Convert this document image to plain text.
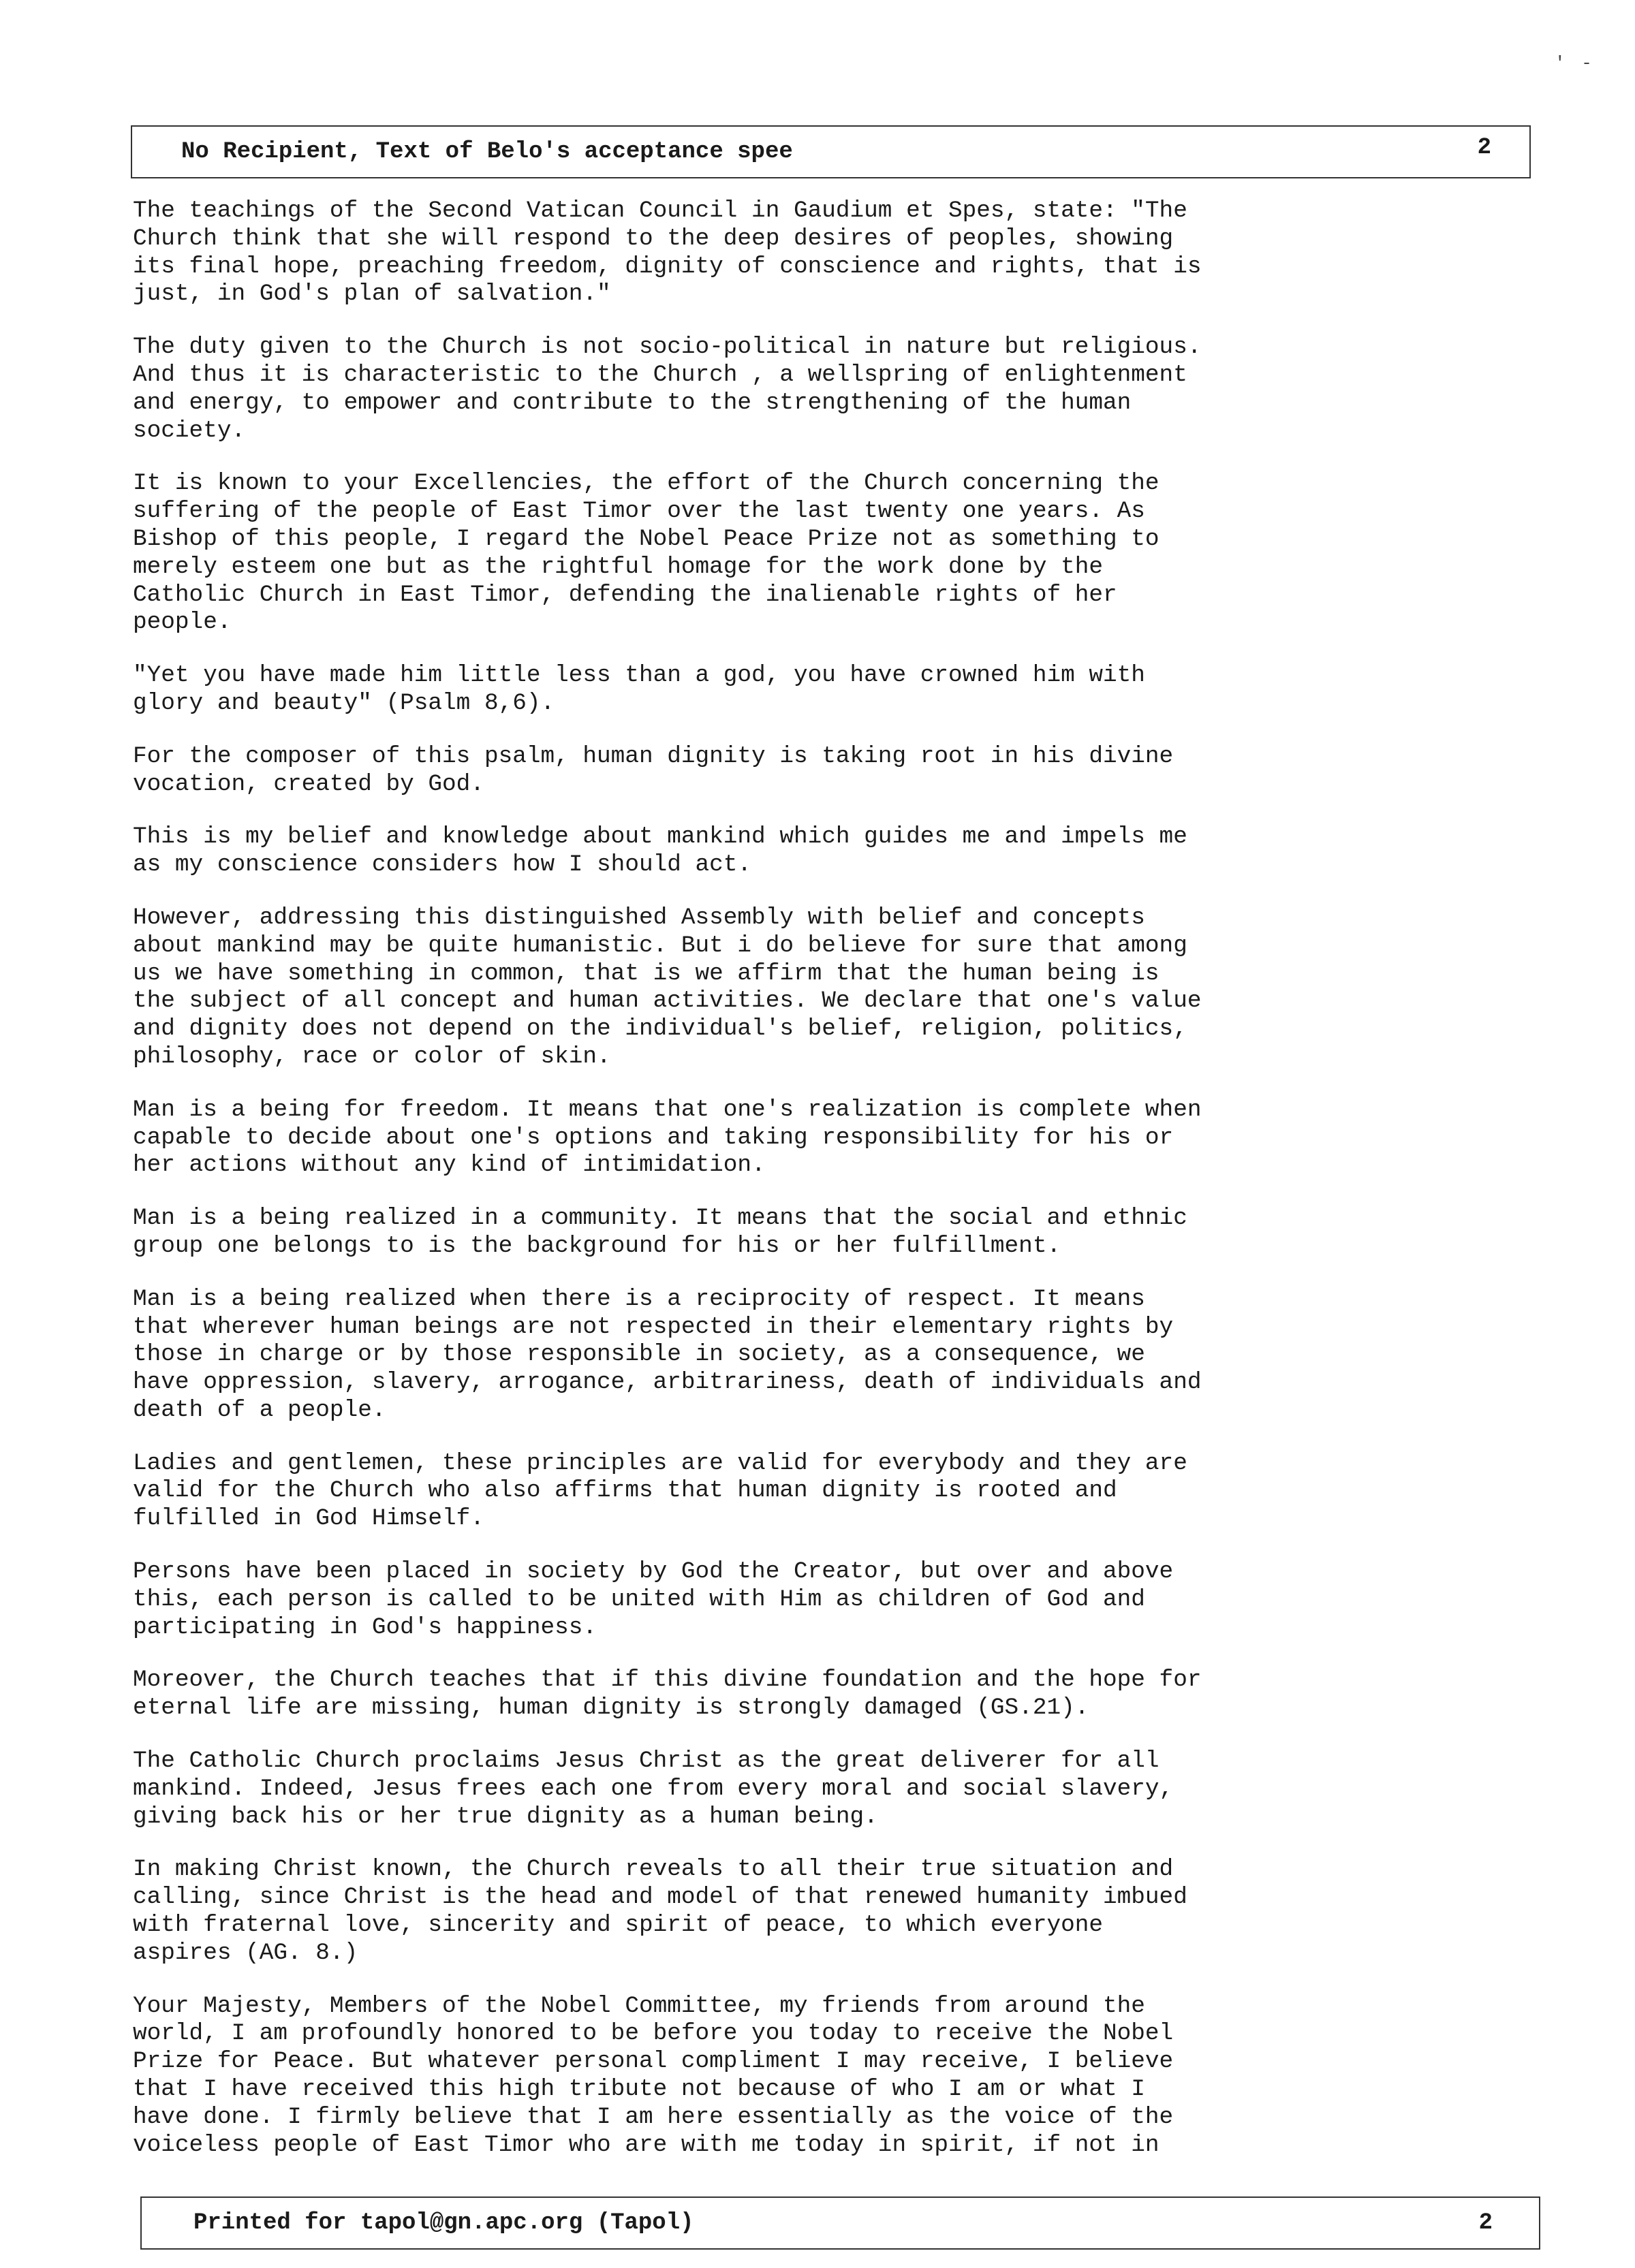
' -
No Recipient, Text of Belo's acceptance spee	2

The teachings of the Second Vatican Council in Gaudium et Spes, state: "The
Church think that she will respond to the deep desires of peoples, showing
its final hope, preaching freedom, dignity of conscience and rights, that is
just, in God's plan of salvation."

The duty given to the Church is not socio-political in nature but religious.
And thus it is characteristic to the Church , a wellspring of enlightenment
and energy, to empower and contribute to the strengthening of the human
society.

It is known to your Excellencies, the effort of the Church concerning the
suffering of the people of East Timor over the last twenty one years. As
Bishop of this people, I regard the Nobel Peace Prize not as something to
merely esteem one but as the rightful homage for the work done by the
Catholic Church in East Timor, defending the inalienable rights of her
people.

"Yet you have made him little less than a god, you have crowned him with
glory and beauty" (Psalm 8,6).

For the composer of this psalm, human dignity is taking root in his divine
vocation, created by God.

This is my belief and knowledge about mankind which guides me and impels me
as my conscience considers how I should act.

However, addressing this distinguished Assembly with belief and concepts
about mankind may be quite humanistic. But i do believe for sure that among
us we have something in common, that is we affirm that the human being is
the subject of all concept and human activities. We declare that one's value
and dignity does not depend on the individual's belief, religion, politics,
philosophy, race or color of skin.

Man is a being for freedom. It means that one's realization is complete when
capable to decide about one's options and taking responsibility for his or
her actions without any kind of intimidation.

Man is a being realized in a community. It means that the social and ethnic
group one belongs to is the background for his or her fulfillment.

Man is a being realized when there is a reciprocity of respect. It means
that wherever human beings are not respected in their elementary rights by
those in charge or by those responsible in society, as a consequence, we
have oppression, slavery, arrogance, arbitrariness, death of individuals and
death of a people.

Ladies and gentlemen, these principles are valid for everybody and they are
valid for the Church who also affirms that human dignity is rooted and
fulfilled in God Himself.

Persons have been placed in society by God the Creator, but over and above
this, each person is called to be united with Him as children of God and
participating in God's happiness.

Moreover, the Church teaches that if this divine foundation and the hope for
eternal life are missing, human dignity is strongly damaged (GS.21).

The Catholic Church proclaims Jesus Christ as the great deliverer for all
mankind. Indeed, Jesus frees each one from every moral and social slavery,
giving back his or her true dignity as a human being.

In making Christ known, the Church reveals to all their true situation and
calling, since Christ is the head and model of that renewed humanity imbued
with fraternal love, sincerity and spirit of peace, to which everyone
aspires (AG. 8.)

Your Majesty, Members of the Nobel Committee, my friends from around the
world, I am profoundly honored to be before you today to receive the Nobel
Prize for Peace. But whatever personal compliment I may receive, I believe
that I have received this high tribute not because of who I am or what I
have done. I firmly believe that I am here essentially as the voice of the
voiceless people of East Timor who are with me today in spirit, if not in

Printed for tapol@gn.apc.org (Tapol)	2
